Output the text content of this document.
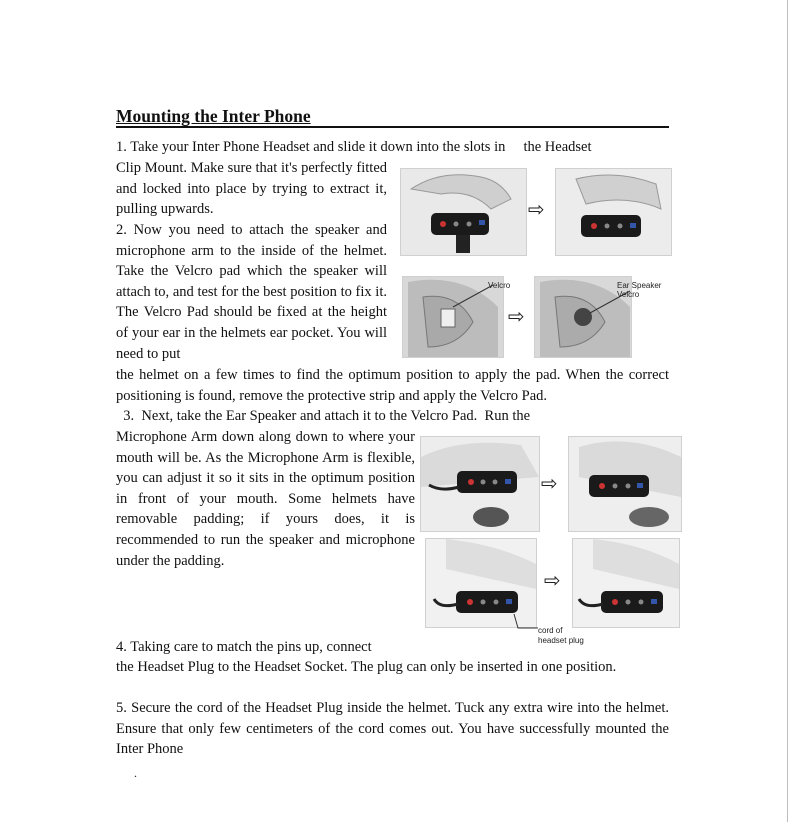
Mounting the Inter Phone
1. Take your Inter Phone Headset and slide it down into the slots in     the Headset
Clip Mount. Make sure that it's perfectly fitted and locked into place by trying to extract it, pulling upwards.
2. Now you need to attach the speaker and microphone arm to the inside of the helmet. Take the Velcro pad which the speaker will attach to, and test for the best position to fix it. The Velcro Pad should be fixed at the height of your ear in the helmets ear pocket. You will need to put
the helmet on a few times to find the optimum position to apply the pad. When the correct positioning is found, remove the protective strip and apply the Velcro Pad.
3.  Next, take the Ear Speaker and attach it to the Velcro Pad.  Run the
Microphone Arm down along down to where your mouth will be. As the Microphone Arm is flexible, you can adjust it so it sits in the optimum position in front of your mouth. Some helmets have removable padding; if yours does, it is recommended to run the speaker and microphone under the padding.
4. Taking care to match the pins up, connect
the Headset Plug to the Headset Socket. The plug can only be inserted in one position.
5. Secure the cord of the Headset Plug inside the helmet. Tuck any extra wire into the helmet. Ensure that only few centimeters of the cord comes out. You have successfully mounted the Inter Phone
.
⇨
Velcro
⇨
Ear Speaker
Velcro
⇨
⇨
cord of
headset plug
